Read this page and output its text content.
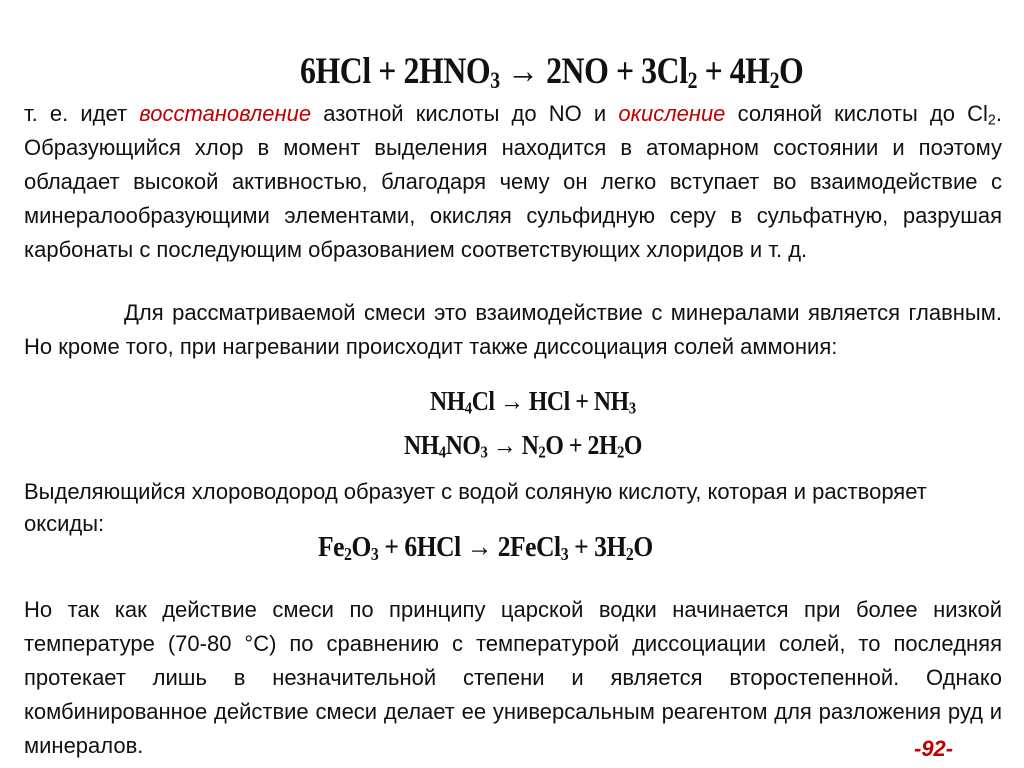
$6HCl + 2HNO_3 \to 2NO + 3Cl_2 + 4H_2O$

т. е. идет восстановление азотной кислоты до NO и окисление соляной кислоты до $Cl_2$. Образующийся хлор в момент выделения находится в атомарном состоянии и поэтому обладает высокой активностью, благодаря чему он легко вступает во взаимодействие с минералообразующими элементами, окисляя сульфидную серу в сульфатную, разрушая карбонаты с последующим образованием соответствующих хлоридов и т. д.

Для рассматриваемой смеси это взаимодействие с минералами является главным. Но кроме того, при нагревании происходит также диссоциация солей аммония:

$NH_4Cl$ → HCl + $NH_3$
$NH_4NO_3 \to N_2O + 2H_2O$

Выделяющийся хлороводород образует с водой соляную кислоту, которая и растворяет оксиды:

$Fe_2O_3 + 6HCl$ → 2FeCl$_3$ + $3H_2O$

Но так как действие смеси по принципу царской водки начинается при более низкой температуре (70-80 °С) по сравнению с температурой диссоциации солей, то последняя протекает лишь в незначительной степени и является второстепенной. Однако комбинированное действие смеси делает ее универсальным реагентом для разложения руд и минералов.	-92-
